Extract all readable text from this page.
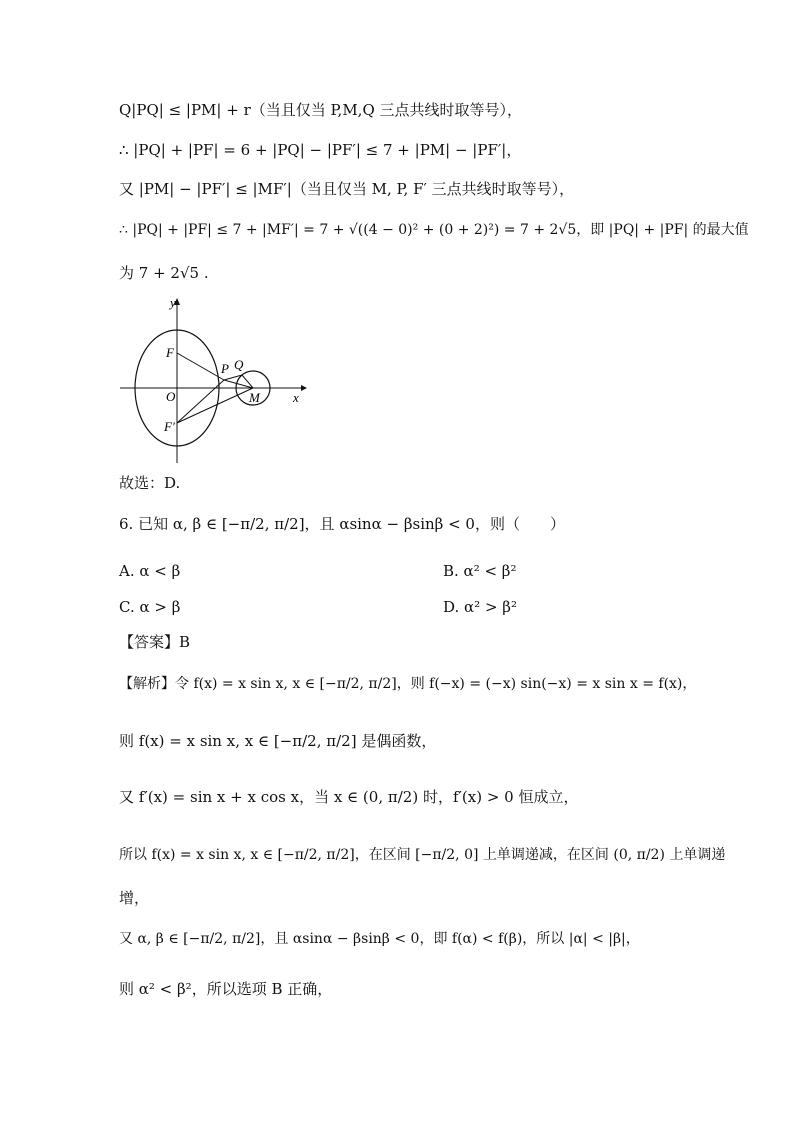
Q|PQ| ≤ |PM| + r（当且仅当 P,M,Q 三点共线时取等号），
∴ |PQ| + |PF| = 6 + |PQ| − |PF′| ≤ 7 + |PM| − |PF′|，
又 |PM| − |PF′| ≤ |MF′|（当且仅当 M, P, F′ 三点共线时取等号），
∴ |PQ| + |PF| ≤ 7 + |MF′| = 7 + √((4 − 0)² + (0 + 2)²) = 7 + 2√5，即 |PQ| + |PF| 的最大值
为 7 + 2√5 .
y
x
O
F
F′
P Q
M
故选：D.
6. 已知 α, β ∈ [−π/2, π/2]，且 αsinα − βsinβ < 0，则（　　）
A. α < β	B. α² < β²
C. α > β	D. α² > β²
【答案】B
【解析】令 f(x) = x sin x, x ∈ [−π/2, π/2]，则 f(−x) = (−x) sin(−x) = x sin x = f(x)，
则 f(x) = x sin x, x ∈ [−π/2, π/2] 是偶函数，
又 f′(x) = sin x + x cos x，当 x ∈ (0, π/2) 时，f′(x) > 0 恒成立，
所以 f(x) = x sin x, x ∈ [−π/2, π/2]，在区间 [−π/2, 0] 上单调递减，在区间 (0, π/2) 上单调递
增，
又 α, β ∈ [−π/2, π/2]，且 αsinα − βsinβ < 0，即 f(α) < f(β)，所以 |α| < |β|，
则 α² < β²，所以选项 B 正确，
